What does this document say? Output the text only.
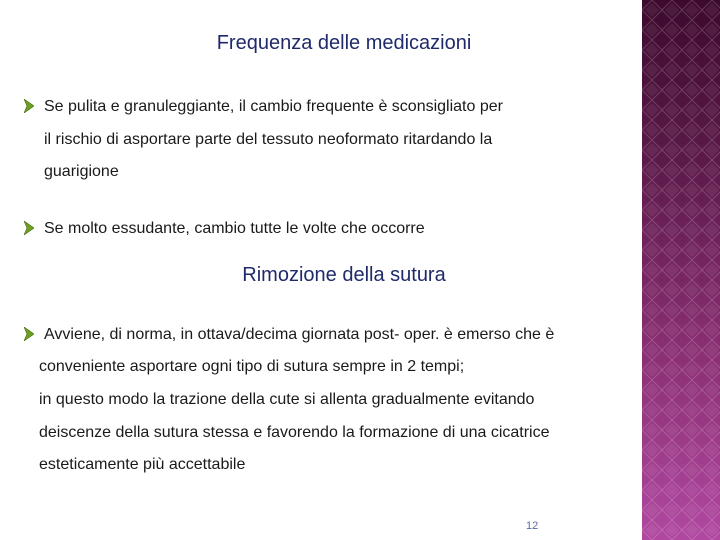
Frequenza delle medicazioni
Se pulita e granuleggiante, il cambio frequente è sconsigliato per
il rischio di asportare parte del tessuto neoformato ritardando la
guarigione
Se molto essudante, cambio tutte le volte che occorre
Rimozione della sutura
Avviene, di norma, in ottava/decima giornata post- oper. è emerso che è
conveniente asportare ogni tipo di sutura sempre in 2 tempi;
in questo modo la trazione della cute si allenta gradualmente evitando
deiscenze della sutura stessa e favorendo la formazione di una cicatrice
esteticamente più accettabile
12
